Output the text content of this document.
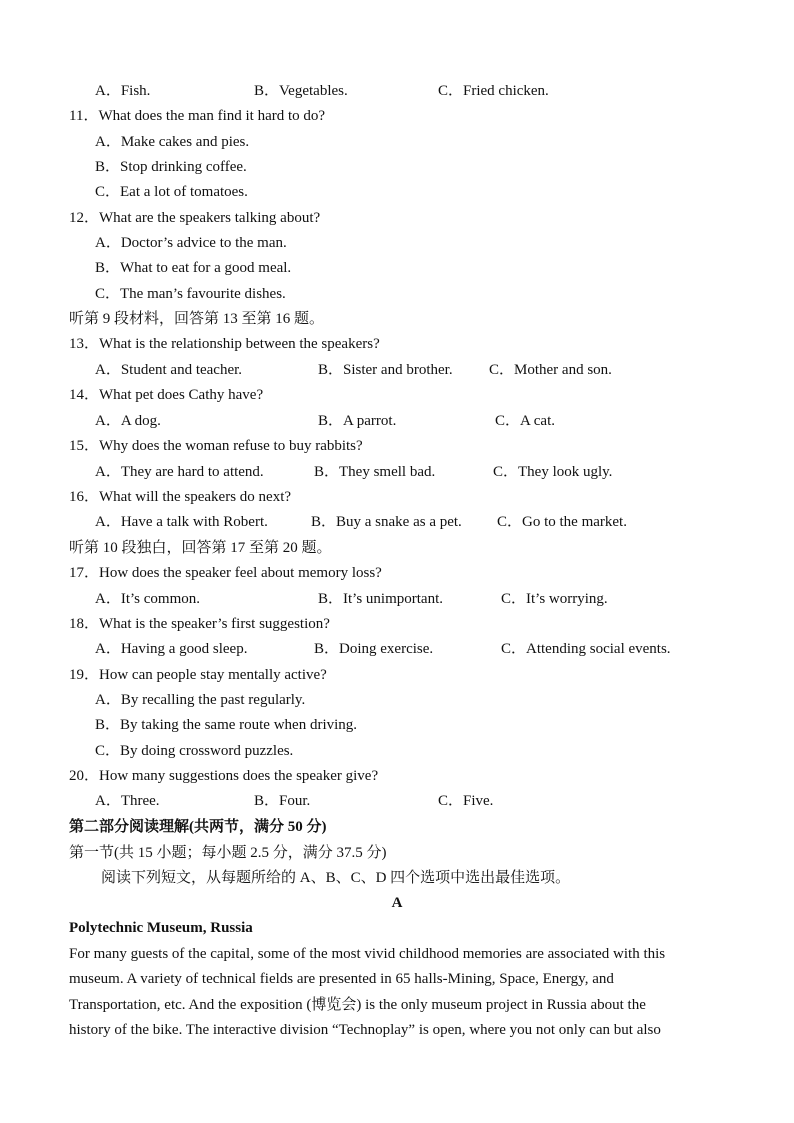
A．Fish.	B．Vegetables.	C．Fried chicken.
11．What does the man find it hard to do?
A．Make cakes and pies.
B．Stop drinking coffee.
C．Eat a lot of tomatoes.
12．What are the speakers talking about?
A．Doctor’s advice to the man.
B．What to eat for a good meal.
C．The man’s favourite dishes.
听第 9 段材料，回答第 13 至第 16 题。
13．What is the relationship between the speakers?
A．Student and teacher.	B．Sister and brother. C．Mother and son.
14．What pet does Cathy have?
A．A dog.	B．A parrot.	C．A cat.
15．Why does the woman refuse to buy rabbits?
A．They are hard to attend.	B．They smell bad.	C．They look ugly.
16．What will the speakers do next?
A．Have a talk with Robert.	B．Buy a snake as a pet. C．Go to the market.
听第 10 段独白，回答第 17 至第 20 题。
17．How does the speaker feel about memory loss?
A．It’s common.	B．It’s unimportant.	C．It’s worrying.
18．What is the speaker’s first suggestion?
A．Having a good sleep.	B．Doing exercise.	C．Attending social events.
19．How can people stay mentally active?
A．By recalling the past regularly.
B．By taking the same route when driving.
C．By doing crossword puzzles.
20．How many suggestions does the speaker give?
A．Three.	B．Four.	C．Five.
第二部分阅读理解(共两节，满分 50 分)
第一节(共 15 小题；每小题 2.5 分，满分 37.5 分)
阅读下列短文，从每题所给的 A、B、C、D 四个选项中选出最佳选项。
A
Polytechnic Museum, Russia
For many guests of the capital, some of the most vivid childhood memories are associated with this
museum. A variety of technical fields are presented in 65 halls-Mining, Space, Energy, and
Transportation, etc. And the exposition (博览会) is the only museum project in Russia about the
history of the bike. The interactive division “Technoplay” is open, where you not only can but also
